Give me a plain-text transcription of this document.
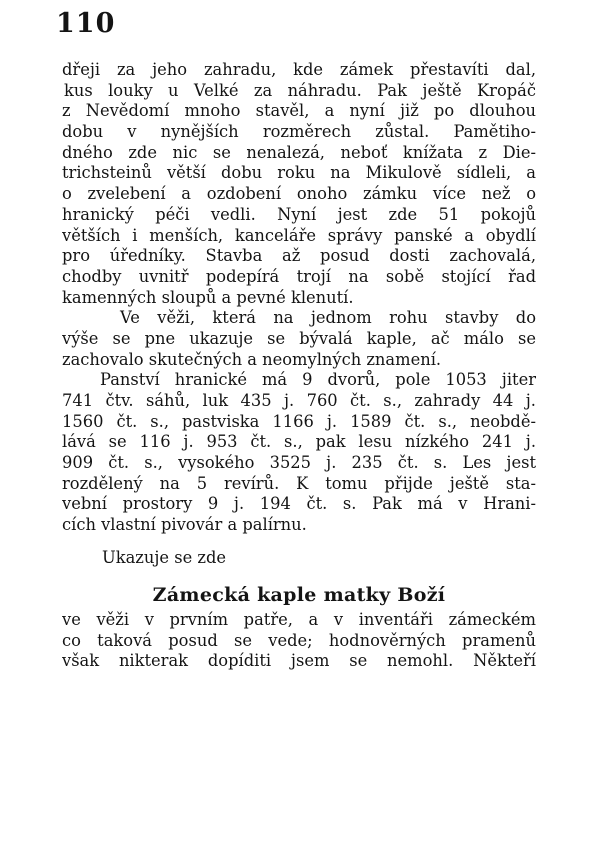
110
dřeji za jeho zahradu, kde zámek přestavíti dal,
kus louky u Velké za náhradu. Pak ještě Kropáč
z Nevědomí mnoho stavěl, a nyní již po dlouhou
dobu v nynějších rozměrech zůstal. Pamětiho-
dného zde nic se nenalezá, neboť knížata z Die-
trichsteinů větší dobu roku na Mikulově sídleli, a
o zvelebení a ozdobení onoho zámku více než o
hranický péči vedli. Nyní jest zde 51 pokojů
větších i menších, kanceláře správy panské a obydlí
pro úředníky. Stavba až posud dosti zachovalá,
chodby uvnitř podepírá trojí na sobě stojící řad
kamenných sloupů a pevné klenutí.
Ve věži, která na jednom rohu stavby do
výše se pne ukazuje se bývalá kaple, ač málo se
zachovalo skutečných a neomylných znamení.
Panství hranické má 9 dvorů, pole 1053 jiter
741 čtv. sáhů, luk 435 j. 760 čt. s., zahrady 44 j.
1560 čt. s., pastviska 1166 j. 1589 čt. s., neobdě-
lává se 116 j. 953 čt. s., pak lesu nízkého 241 j.
909 čt. s., vysokého 3525 j. 235 čt. s. Les jest
rozdělený na 5 revírů. K tomu přijde ještě sta-
vební prostory 9 j. 194 čt. s. Pak má v Hrani-
cích vlastní pivovár a palírnu.
Ukazuje se zde
Zámecká kaple matky Boží
ve věži v prvním patře, a v inventáři zámeckém
co taková posud se vede; hodnověrných pramenů
však nikterak dopíditi jsem se nemohl. Někteří
